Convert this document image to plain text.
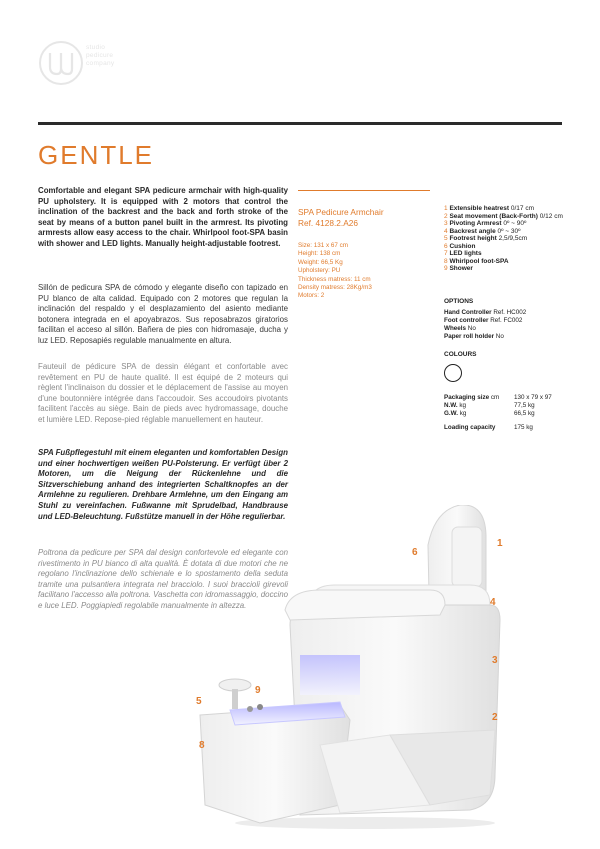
studio
pedicure
company
GENTLE

Comfortable and elegant SPA pedicure armchair with high-quality PU upholstery. It is equipped with 2 motors that control the inclination of the backrest and the back and forth stroke of the seat by means of a button panel built in the armrest. Its pivoting armrests allow easy access to the chair. Whirlpool foot-SPA basin with shower and LED lights. Manually height-adjustable footrest.

Sillón de pedicura SPA de cómodo y elegante diseño con tapizado en PU blanco de alta calidad. Equipado con 2 motores que regulan la inclinación del respaldo y el desplazamiento del asiento mediante botonera integrada en el apoyabrazos. Sus reposabrazos giratorios facilitan el acceso al sillón. Bañera de pies con hidromasaje, ducha y luz LED. Reposapiés regulable manualmente en altura.

Fauteuil de pédicure SPA de dessin élégant et confortable avec revêtement en PU de haute qualité. Il est équipé de 2 moteurs qui règlent l'inclinaison du dossier et le déplacement de l'assise au moyen d'une boutonnière intégrée dans l'accoudoir. Ses accoudoirs pivotants facilitent l'accès au siège. Bain de pieds avec hydromassage, douche et lumière LED. Repose-pied réglable manuellement en hauteur.

SPA Fußpflegestuhl mit einem eleganten und komfortablen Design und einer hochwertigen weißen PU-Polsterung. Er verfügt über 2 Motoren, um die Neigung der Rückenlehne und die Sitzverschiebung anhand des integrierten Schaltknopfes an der Armlehne zu regulieren. Drehbare Armlehne, um den Eingang am Stuhl zu vereinfachen. Fußwanne mit Sprudelbad, Handbrause und LED-Beleuchtung. Fußstütze manuell in der Höhe regulierbar.

Poltrona da pedicure per SPA dal design confortevole ed elegante con rivestimento in PU bianco di alta qualità. È dotata di due motori che ne regolano l'inclinazione dello schienale e lo spostamento della seduta tramite una pulsantiera integrata nel bracciolo. I suoi braccioli girevoli facilitano l'accesso alla poltrona. Vaschetta con idromassaggio, doccino e luce LED. Poggiapiedi regolabile manualmente in altezza.

SPA Pedicure Armchair
Ref. 4128.2.A26
Size: 131 x 67 cm
Height: 138 cm
Weight: 66,5 Kg
Upholstery: PU
Thickness matress: 11 cm
Density matress: 28Kg/m3
Motors: 2
1 Extensible heatrest 0/17 cm
2 Seat movement (Back-Forth) 0/12 cm
3 Pivoting Armrest 0º ~ 90º
4 Backrest angle 0º ~ 30º
5 Footrest height 2,5/9,5cm
6 Cushion
7 LED lights
8 Whirlpool foot-SPA
9 Shower
OPTIONS
Hand Controller Ref. HC002
Foot controller Ref. FC002
Wheels No
Paper roll holder No
COLOURS
Packaging size cm	130 x 79 x 97
N.W. kg	77,5 kg
G.W. kg	66,5 kg
Loading capacity	175 kg
1
2
3
4
5
6
8
9
